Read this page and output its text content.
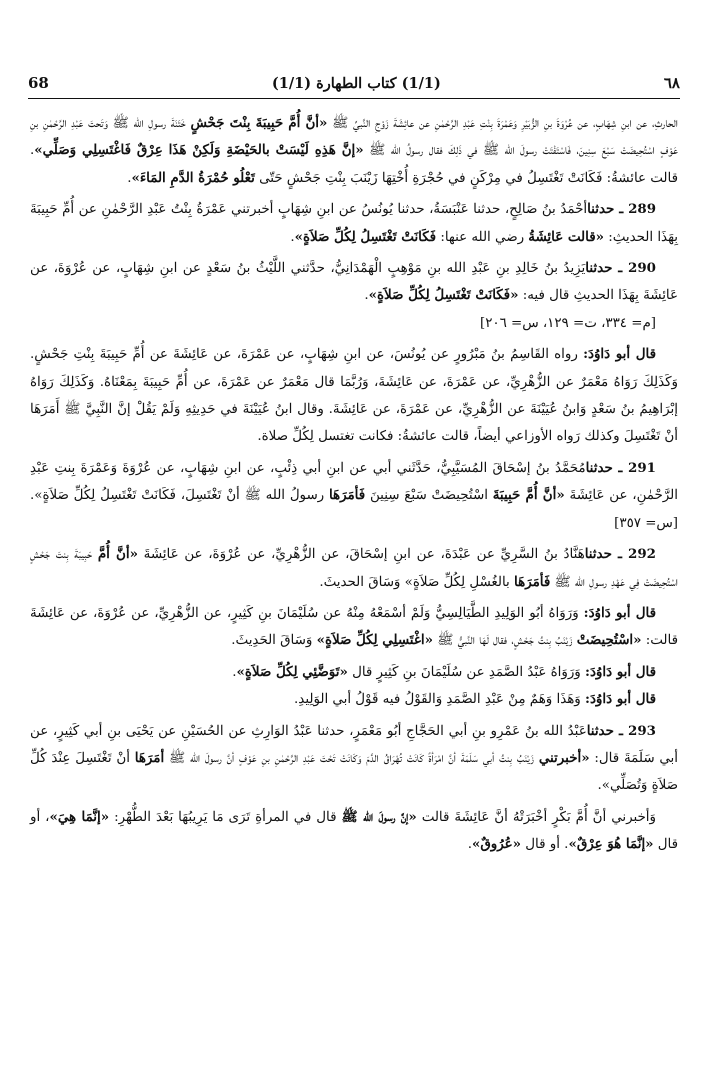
68	(1/1) كتاب الطهارة (1/1)	٦٨

الحارثِ، عن ابنِ شِهَابٍ، عن عُرْوَةَ بنِ الزُّبَيْرِ وَعَمْرَةَ بِنْتِ عَبْدِ الرَّحْمٰنِ عن عائِشَةَ زَوْجِ النَّبيِّ ﷺ «أنَّ أُمَّ حَبِيبَةَ بِنْتَ جَحْشٍ خَتَنَةَ رسولِ الله ﷺ وَتَحتَ عَبْدِ الرَّحْمٰنِ بنِ عَوْفٍ اسْتُحِيضَتْ سَبْعَ سِنِينَ، فَاسْتَفْتَتْ رسولَ الله ﷺ في ذَلِكَ فقال رسولُ الله ﷺ «إنَّ هَذِهِ لَيْسَتْ بالحَيْضَةِ وَلَكِنْ هَذَا عِرْقٌ فَاغْتَسِلِي وَصَلِّي». قالت عائشةُ: فَكَانَتْ تَغْتَسِلُ في مِرْكَنٍ في حُجْرَةِ أُخْتِهَا زَيْنَبَ بِنْتِ جَحْشٍ حَتّى تَعْلُو حُمْرَةُ الدَّمِ المَاءَ».

289 ـ حدثناأحْمَدُ بنُ صَالِحٍ، حدثنا عَنْبَسَةُ، حدثنا يُونُسُ عن ابنِ شِهَابٍ أخبرتني عَمْرَةُ بِنْتُ عَبْدِ الرَّحْمٰنِ عن أُمِّ حَبِيبَةَ بِهَذَا الحديثِ: «قالت عَائِشَةُ رضي الله عنها: فَكَانَتْ تَغْتَسِلُ لِكُلِّ صَلاَةٍ».

290 ـ حدثنايَزِيدُ بنُ خَالِدِ بنِ عَبْدِ الله بنِ مَوْهِبٍ الْهَمْدَانِيُّ، حدَّثني اللَّيْثُ بنُ سَعْدٍ عن ابنِ شِهَابٍ، عن عُرْوَةَ، عن عَائِشَةَ بِهَذَا الحديثِ قال فيه: «فَكَانَتْ تَغْتَسِلُ لِكُلِّ صَلاَةٍ».

[م= ٣٣٤، ت= ١٢٩، س= ٢٠٦]

قال أبو دَاوُدَ: رواه القَاسِمُ بنُ مَبْرُورٍ عن يُونُسَ، عن ابنِ شِهَابٍ، عن عَمْرَةَ، عن عَائِشَةَ عن أُمِّ حَبِيبَةَ بِنْتِ جَحْشٍ. وَكَذَلِكَ رَوَاهُ مَعْمَرٌ عن الزُّهْرِيِّ، عن عَمْرَةَ، عن عَائِشَةَ، وَرُبَّمَا قال مَعْمَرٌ عن عَمْرَةَ، عن أُمِّ حَبِيبَةَ بِمَعْنَاهُ. وَكَذَلِكَ رَوَاهُ إبْرَاهِيمُ بنُ سَعْدٍ وَابنُ عُيَيْنَةَ عن الزُّهْرِيِّ، عن عَمْرَةَ، عن عَائِشَةَ. وقال ابنُ عُيَيْنَةَ في حَدِيثِهِ وَلَمْ يَقُلْ إنَّ النَّبِيَّ ﷺ أَمَرَهَا أنْ تَغْتَسِلَ وكذلك رَواه الأوزاعي أيضاً، قالت عائشةُ: فكانت تغتسل لِكُلِّ صلاة.

291 ـ حدثنامُحَمَّدُ بنُ إسْحَاقَ المُسَيَّبِيُّ، حَدَّثَني أبي عن ابنِ أبي ذِئْبٍ، عن ابنِ شِهَابٍ، عن عُرْوَةَ وَعَمْرَةَ بِنتِ عَبْدِ الرَّحْمٰنِ، عن عَائِشَةَ «أنَّ أُمَّ حَبِيبَةَ اسْتُحِيضَتْ سَبْعَ سِنِينَ فَأمَرَهَا رسولُ الله ﷺ أنْ تَغْتَسِلَ، فَكَانَتْ تَغْتَسِلُ لِكُلِّ صَلاَةٍ». [س= ٣٥٧]

292 ـ حدثناهَنَّادُ بنُ السَّرِيِّ عن عَبْدَةَ، عن ابنِ إسْحَاقَ، عن الزُّهْرِيِّ، عن عُرْوَةَ، عن عَائِشَةَ «أنَّ أُمَّ حَبِيبَةَ بِنتَ جَحْشٍ اسْتُحِيضَتْ فِي عَهْدِ رسولِ الله ﷺ فَأمَرَهَا بالغُسْلِ لِكُلِّ صَلاَةٍ» وَسَاقَ الحديثَ.

قال أبو دَاوُدَ: وَرَوَاهُ أبُو الوَلِيدِ الطَّيَالِسِيُّ وَلَمْ أسْمَعْهُ مِنْهُ عن سُلَيْمَانَ بنِ كَثِيرٍ، عن الزُّهْرِيِّ، عن عُرْوَةَ، عن عَائِشَةَ قالت: «اسْتُحِيضَتْ زَيْنَبُ بِنتُ جَحْشٍ، فقال لَهَا النَّبيُّ ﷺ «اغْتَسِلِي لِكُلِّ صَلاَةٍ» وَسَاقَ الحَدِيثَ.

قال أبو دَاوُدَ: وَرَوَاهُ عَبْدُ الصَّمَدِ عن سُلَيْمَانَ بنِ كَثِيرٍ قال «تَوَضَّئِي لِكُلِّ صَلاَةٍ».

قال أبو دَاوُدَ: وَهَذَا وَهَمٌ مِنْ عَبْدِ الصَّمَدِ وَالقَوْلُ فيه قَوْلُ أبي الوَلِيدِ.

293 ـ حدثناعَبْدُ الله بنُ عَمْرِو بنِ أبي الحَجَّاجِ أبُو مَعْمَرٍ، حدثنا عَبْدُ الوَارِثِ عن الحُسَيْنِ عن يَحْيَى بنِ أبي كَثِيرٍ، عن أبي سَلَمَةَ قال: «أخبرتني زَيْنَبُ بِنتُ أبي سَلَمَةَ أنَّ امْرَأةً كَانَتْ تُهْرَاقُ الدَّمَ وَكَانَتْ تَحْتَ عَبْدِ الرَّحْمٰنِ بنِ عَوْفٍ أنَّ رسولَ الله ﷺ أمَرَهَا أنْ تَغْتَسِلَ عِنْدَ كُلِّ صَلاَةٍ وَتُصَلِّي».

وَأخبرني أنَّ أُمَّ بَكْرٍ أخْبَرَتْهُ أنَّ عَائِشَةَ قالت «إنَّ رسولَ الله ﷺ قال في المرأةِ تَرَى مَا يَرِيبُهَا بَعْدَ الطُّهْرِ: «إنَّمَا هِيَ»، أو قال «إنَّمَا هُوَ عِرْقٌ». أو قال «عُرُوقٌ».
